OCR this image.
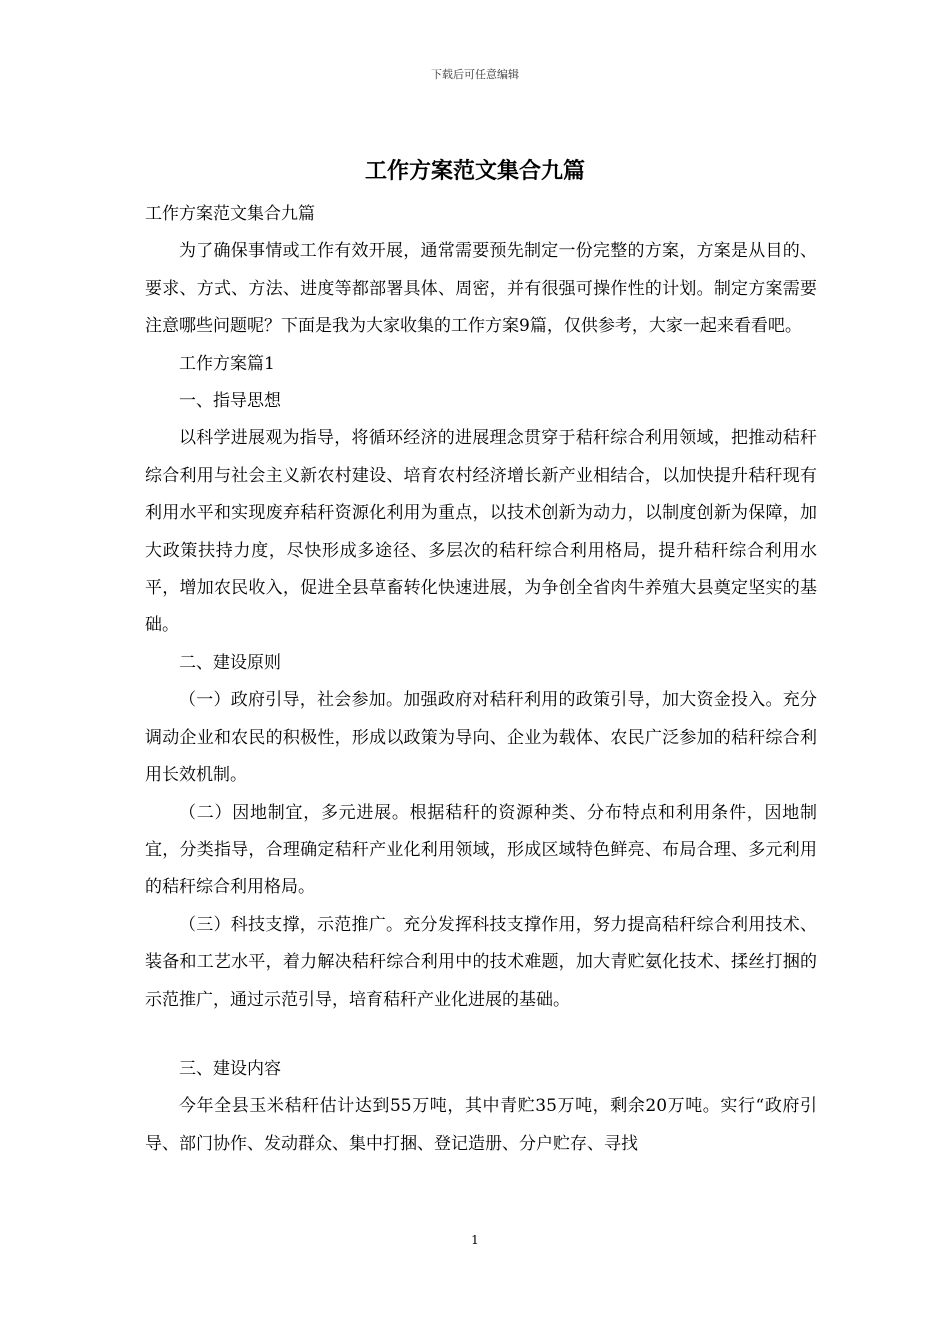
下载后可任意编辑
工作方案范文集合九篇

工作方案范文集合九篇

为了确保事情或工作有效开展，通常需要预先制定一份完整的方案，方案是从目的、要求、方式、方法、进度等都部署具体、周密，并有很强可操作性的计划。制定方案需要注意哪些问题呢？下面是我为大家收集的工作方案9篇，仅供参考，大家一起来看看吧。

工作方案篇1

一、指导思想

以科学进展观为指导，将循环经济的进展理念贯穿于秸秆综合利用领域，把推动秸秆综合利用与社会主义新农村建设、培育农村经济增长新产业相结合，以加快提升秸秆现有利用水平和实现废弃秸秆资源化利用为重点，以技术创新为动力，以制度创新为保障，加大政策扶持力度，尽快形成多途径、多层次的秸秆综合利用格局，提升秸秆综合利用水平，增加农民收入，促进全县草畜转化快速进展，为争创全省肉牛养殖大县奠定坚实的基础。

二、建设原则

（一）政府引导，社会参加。加强政府对秸秆利用的政策引导，加大资金投入。充分调动企业和农民的积极性，形成以政策为导向、企业为载体、农民广泛参加的秸秆综合利用长效机制。

（二）因地制宜，多元进展。根据秸秆的资源种类、分布特点和利用条件，因地制宜，分类指导，合理确定秸秆产业化利用领域，形成区域特色鲜亮、布局合理、多元利用的秸秆综合利用格局。

（三）科技支撑，示范推广。充分发挥科技支撑作用，努力提高秸秆综合利用技术、装备和工艺水平，着力解决秸秆综合利用中的技术难题，加大青贮氨化技术、揉丝打捆的示范推广，通过示范引导，培育秸秆产业化进展的基础。

三、建设内容

今年全县玉米秸秆估计达到55万吨，其中青贮35万吨，剩余20万吨。实行“政府引导、部门协作、发动群众、集中打捆、登记造册、分户贮存、寻找

1
